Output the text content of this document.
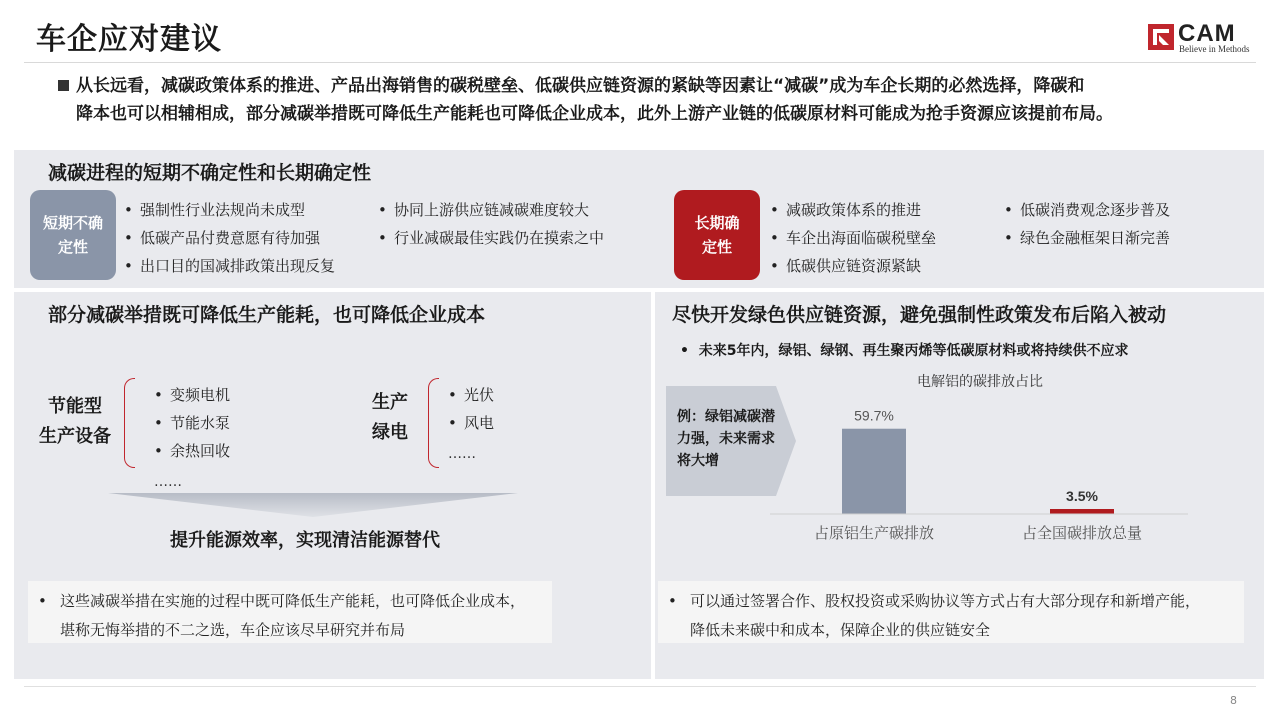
车企应对建议	CAM
Believe in Methods
从长远看，减碳政策体系的推进、产品出海销售的碳税壁垒、低碳供应链资源的紧缺等因素让“减碳”成为车企长期的必然选择，降碳和
降本也可以相辅相成，部分减碳举措既可降低生产能耗也可降低企业成本，此外上游产业链的低碳原材料可能成为抢手资源应该提前布局。
减碳进程的短期不确定性和长期确定性
短期不确定性
• 强制性行业法规尚未成型
• 低碳产品付费意愿有待加强
• 出口目的国减排政策出现反复
• 协同上游供应链减碳难度较大
• 行业减碳最佳实践仍在摸索之中
长期确定性
• 减碳政策体系的推进
• 车企出海面临碳税壁垒
• 低碳供应链资源紧缺
• 低碳消费观念逐步普及
• 绿色金融框架日渐完善
部分减碳举措既可降低生产能耗，也可降低企业成本
节能型
生产设备
• 变频电机
• 节能水泵
• 余热回收
……
生产
绿电
• 光伏
• 风电
……
提升能源效率，实现清洁能源替代
• 这些减碳举措在实施的过程中既可降低生产能耗，也可降低企业成本，
堪称无悔举措的不二之选，车企应该尽早研究并布局
尽快开发绿色供应链资源，避免强制性政策发布后陷入被动
• 未来5年内，绿铝、绿钢、再生聚丙烯等低碳原材料或将持续供不应求
例：绿铝减碳潜力强，未来需求将大增
电解铝的碳排放占比
59.7%
3.5%
占原铝生产碳排放	占全国碳排放总量
• 可以通过签署合作、股权投资或采购协议等方式占有大部分现存和新增产能，
降低未来碳中和成本，保障企业的供应链安全
8
